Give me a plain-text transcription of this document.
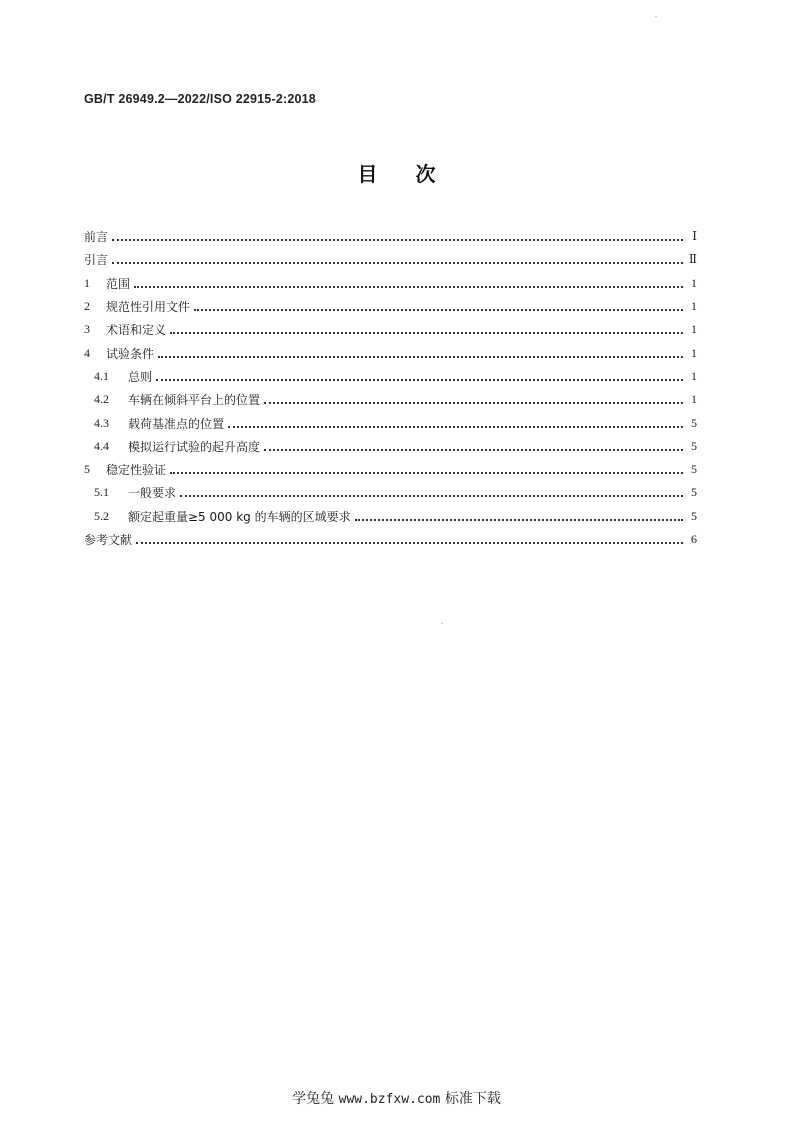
GB/T 26949.2—2022/ISO 22915-2:2018
目 次
前言	Ⅰ
引言	Ⅱ
1	范围	1
2	规范性引用文件	1
3	术语和定义	1
4	试验条件	1
4.1	总则	1
4.2	车辆在倾斜平台上的位置	1
4.3	载荷基准点的位置	5
4.4	模拟运行试验的起升高度	5
5	稳定性验证	5
5.1	一般要求	5
5.2	额定起重量≥5 000 kg 的车辆的区域要求	5
参考文献	6
学兔兔 www.bzfxw.com 标准下载
